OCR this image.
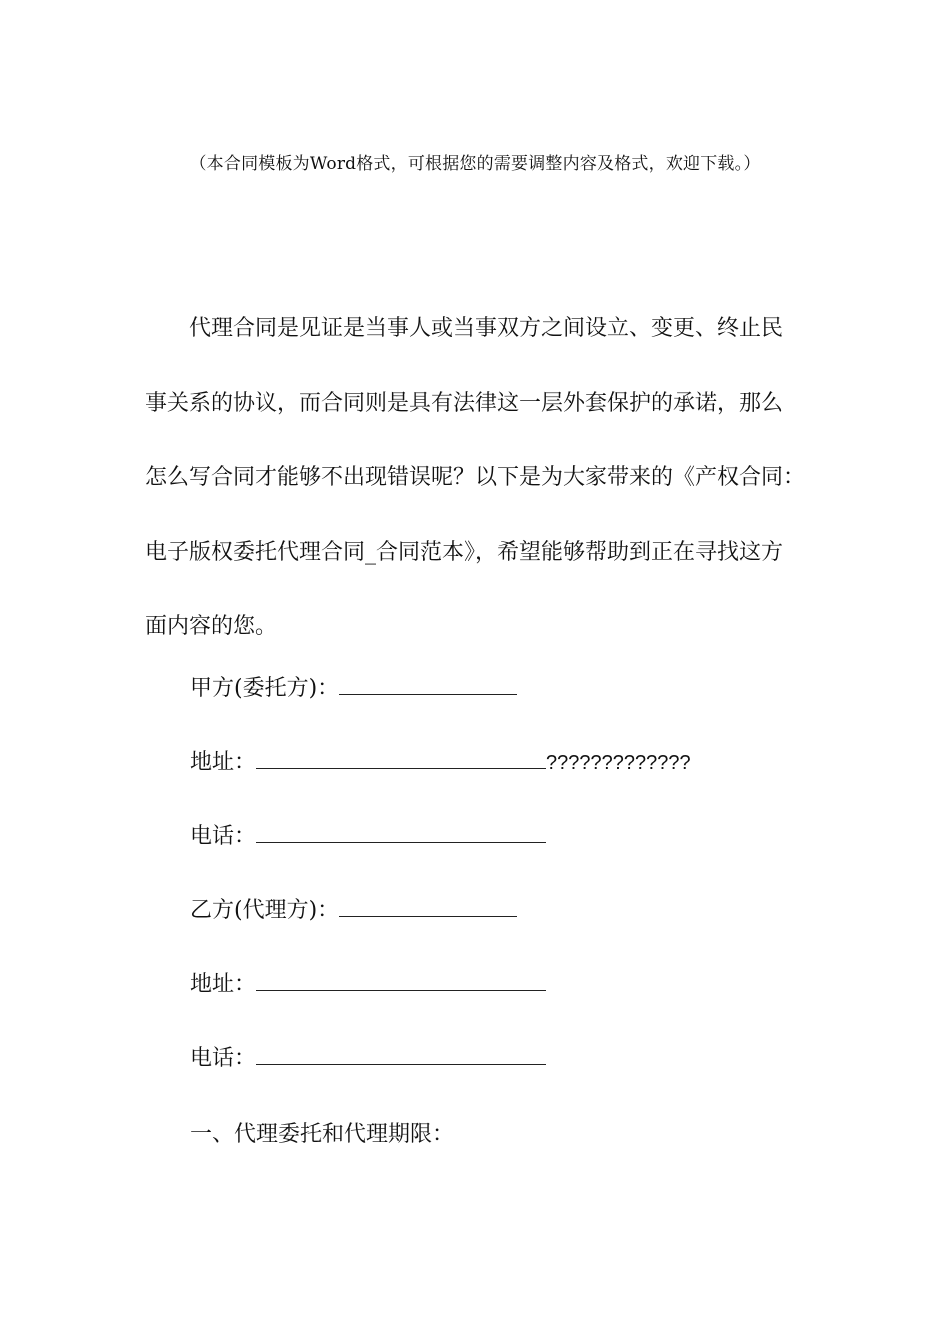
（本合同模板为Word格式，可根据您的需要调整内容及格式，欢迎下载。）

代理合同是见证是当事人或当事双方之间设立、变更、终止民
事关系的协议，而合同则是具有法律这一层外套保护的承诺，那么
怎么写合同才能够不出现错误呢？以下是为大家带来的《产权合同：
电子版权委托代理合同_合同范本》，希望能够帮助到正在寻找这方
面内容的您。

甲方(委托方)：
地址：	?????????????
电话：
乙方(代理方)：
地址：
电话：
一、代理委托和代理期限：
